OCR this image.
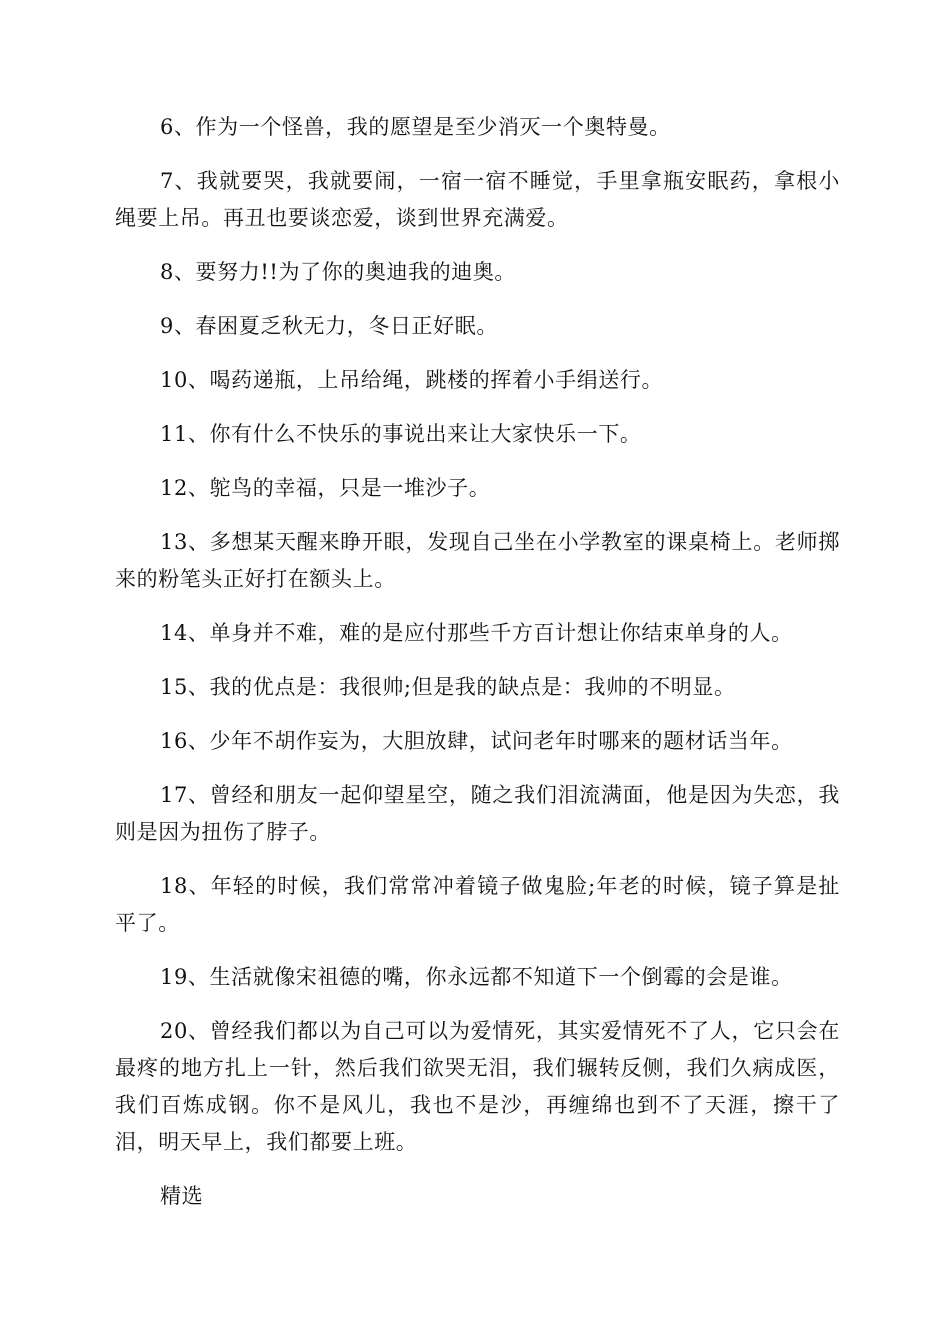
6、作为一个怪兽，我的愿望是至少消灭一个奥特曼。

7、我就要哭，我就要闹，一宿一宿不睡觉，手里拿瓶安眠药，拿根小绳要上吊。再丑也要谈恋爱，谈到世界充满爱。

8、要努力!!为了你的奥迪我的迪奥。

9、春困夏乏秋无力，冬日正好眠。

10、喝药递瓶，上吊给绳，跳楼的挥着小手绢送行。

11、你有什么不快乐的事说出来让大家快乐一下。

12、鸵鸟的幸福，只是一堆沙子。

13、多想某天醒来睁开眼，发现自己坐在小学教室的课桌椅上。老师掷来的粉笔头正好打在额头上。

14、单身并不难，难的是应付那些千方百计想让你结束单身的人。

15、我的优点是：我很帅;但是我的缺点是：我帅的不明显。

16、少年不胡作妄为，大胆放肆，试问老年时哪来的题材话当年。

17、曾经和朋友一起仰望星空，随之我们泪流满面，他是因为失恋，我则是因为扭伤了脖子。

18、年轻的时候，我们常常冲着镜子做鬼脸;年老的时候，镜子算是扯平了。

19、生活就像宋祖德的嘴，你永远都不知道下一个倒霉的会是谁。

20、曾经我们都以为自己可以为爱情死，其实爱情死不了人，它只会在最疼的地方扎上一针，然后我们欲哭无泪，我们辗转反侧，我们久病成医，我们百炼成钢。你不是风儿，我也不是沙，再缠绵也到不了天涯，擦干了泪，明天早上，我们都要上班。

精选
